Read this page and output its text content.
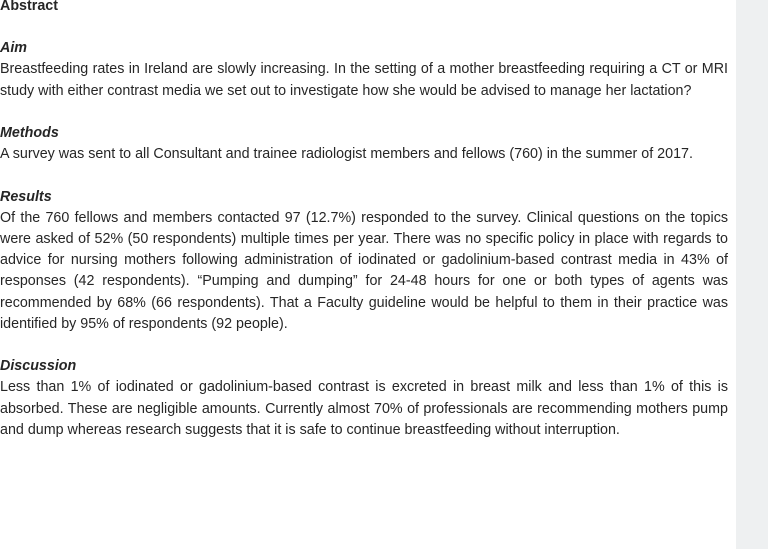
Abstract
Aim

Breastfeeding rates in Ireland are slowly increasing. In the setting of a mother breastfeeding requiring a CT or MRI study with either contrast media we set out to investigate how she would be advised to manage her lactation?

Methods

A survey was sent to all Consultant and trainee radiologist members and fellows (760) in the summer of 2017.

Results

Of the 760 fellows and members contacted 97 (12.7%) responded to the survey. Clinical questions on the topics were asked of 52% (50 respondents) multiple times per year. There was no specific policy in place with regards to advice for nursing mothers following administration of iodinated or gadolinium-based contrast media in 43% of responses (42 respondents). “Pumping and dumping” for 24-48 hours for one or both types of agents was recommended by 68% (66 respondents). That a Faculty guideline would be helpful to them in their practice was identified by 95% of respondents (92 people).

Discussion

Less than 1% of iodinated or gadolinium-based contrast is excreted in breast milk and less than 1% of this is absorbed. These are negligible amounts. Currently almost 70% of professionals are recommending mothers pump and dump whereas research suggests that it is safe to continue breastfeeding without interruption.
